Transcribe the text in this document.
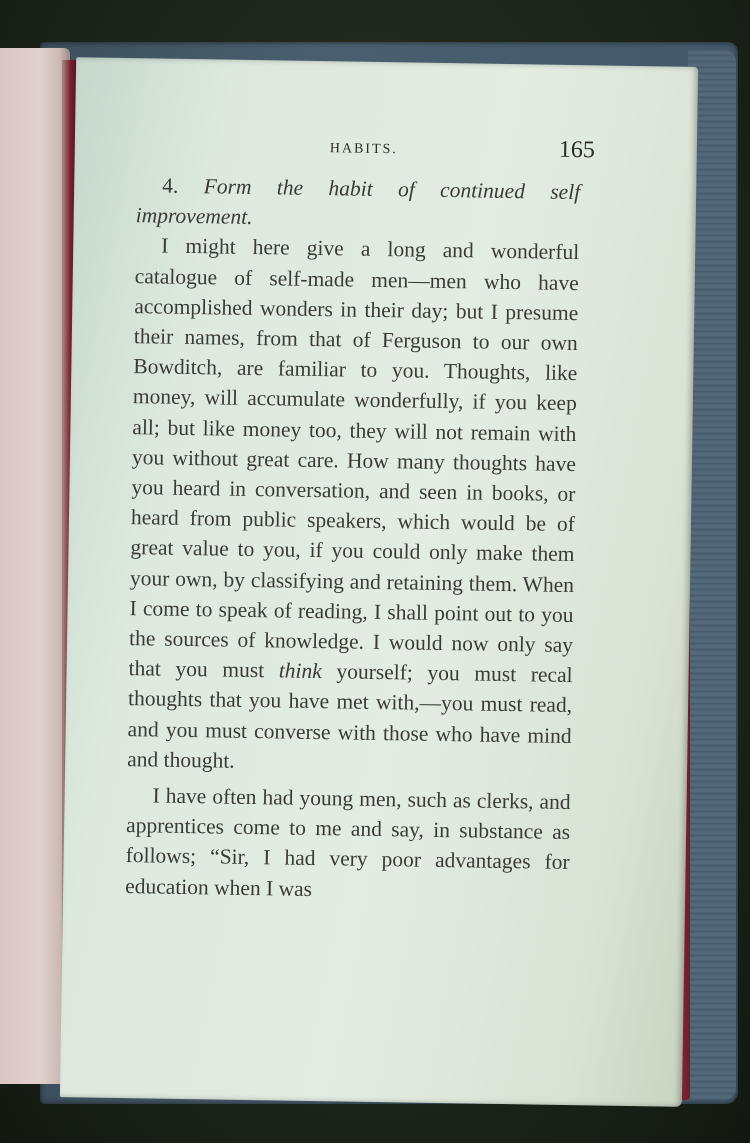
HABITS.	165

4. Form the habit of continued self improvement.

I might here give a long and wonderful catalogue of self-made men—men who have accomplished wonders in their day; but I presume their names, from that of Ferguson to our own Bowditch, are familiar to you. Thoughts, like money, will accumulate wonderfully, if you keep all; but like money too, they will not remain with you without great care. How many thoughts have you heard in conversation, and seen in books, or heard from public speakers, which would be of great value to you, if you could only make them your own, by classifying and retaining them. When I come to speak of reading, I shall point out to you the sources of knowledge. I would now only say that you must think yourself; you must recal thoughts that you have met with,—you must read, and you must converse with those who have mind and thought.

I have often had young men, such as clerks, and apprentices come to me and say, in substance as follows; “Sir, I had very poor advantages for education when I was
